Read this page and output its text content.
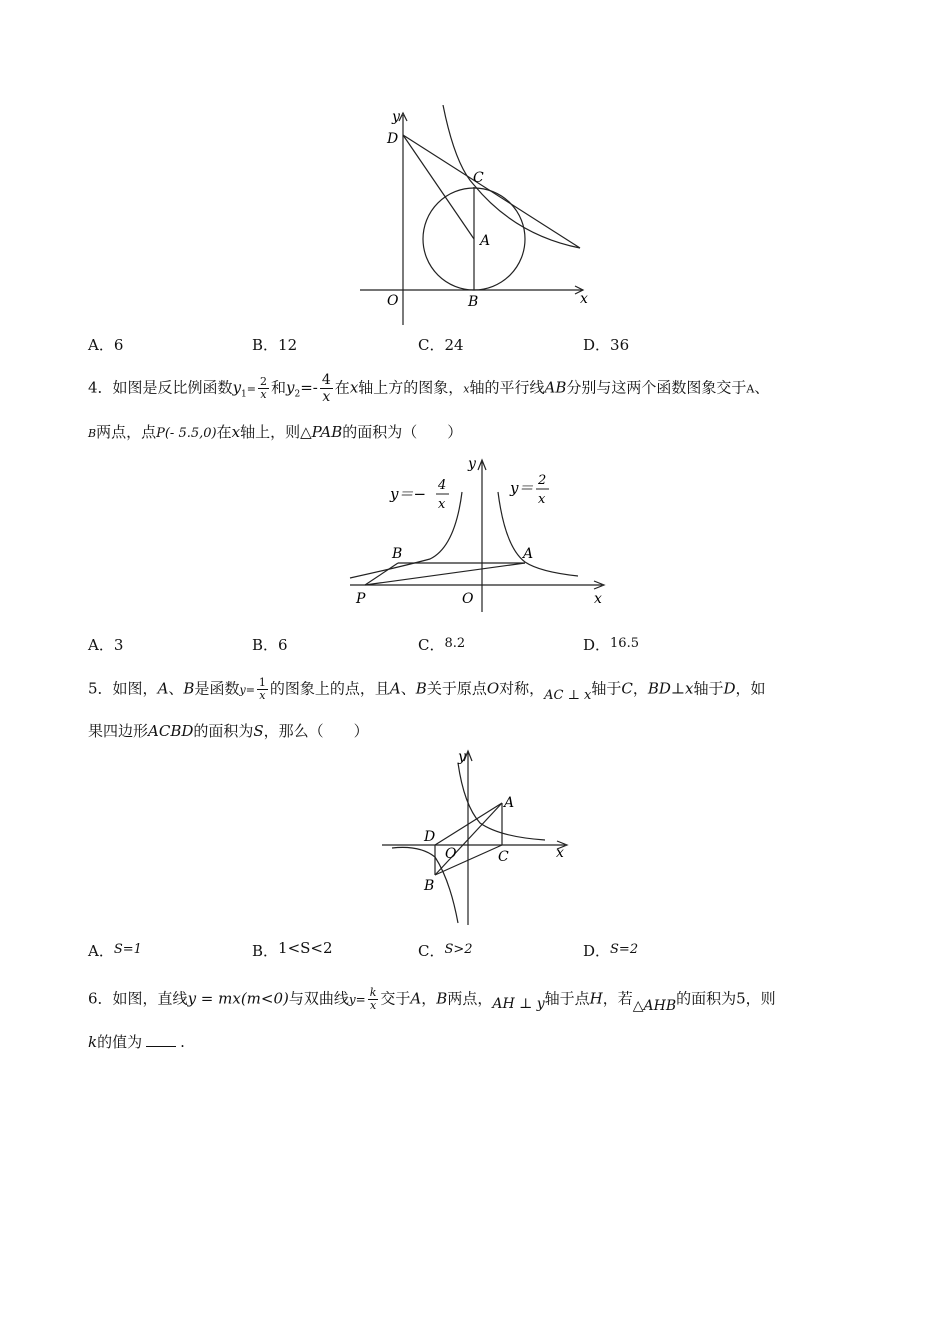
y
x
O
D
C
A
B
A．6	B．12	C．24	D．36
4．如图是反比例函数$y_1= \frac{2}{x}$ 和$y_2=- \frac{4}{x}$ 在x轴上方的图象，x轴的平行线AB分别与这两个函数图象交于A、
B两点，点P(- 5.5,0)在x轴上，则△PAB的面积为（　　）
y＝− 4
x
y＝ 2
x
y
x
O
P
B	A
A．3	B．6	C．8.2	D．16.5
5．如图，A、B是函数$y= \frac{1}{x}$ 的图象上的点，且A、B关于原点O对称，AC ⊥ x轴于C，BD⊥x轴于D，如
果四边形ACBD的面积为S，那么（　　）
y
x
A
B
C
D
O
A．S=1	B．1<S<2	C．S>2	D．S=2
6．如图，直线y = mx(m<0)与双曲线$y= \frac{k}{x}$ 交于A，B两点，AH ⊥ y轴于点H，若△AHB的面积为5，则
k的值为	.
